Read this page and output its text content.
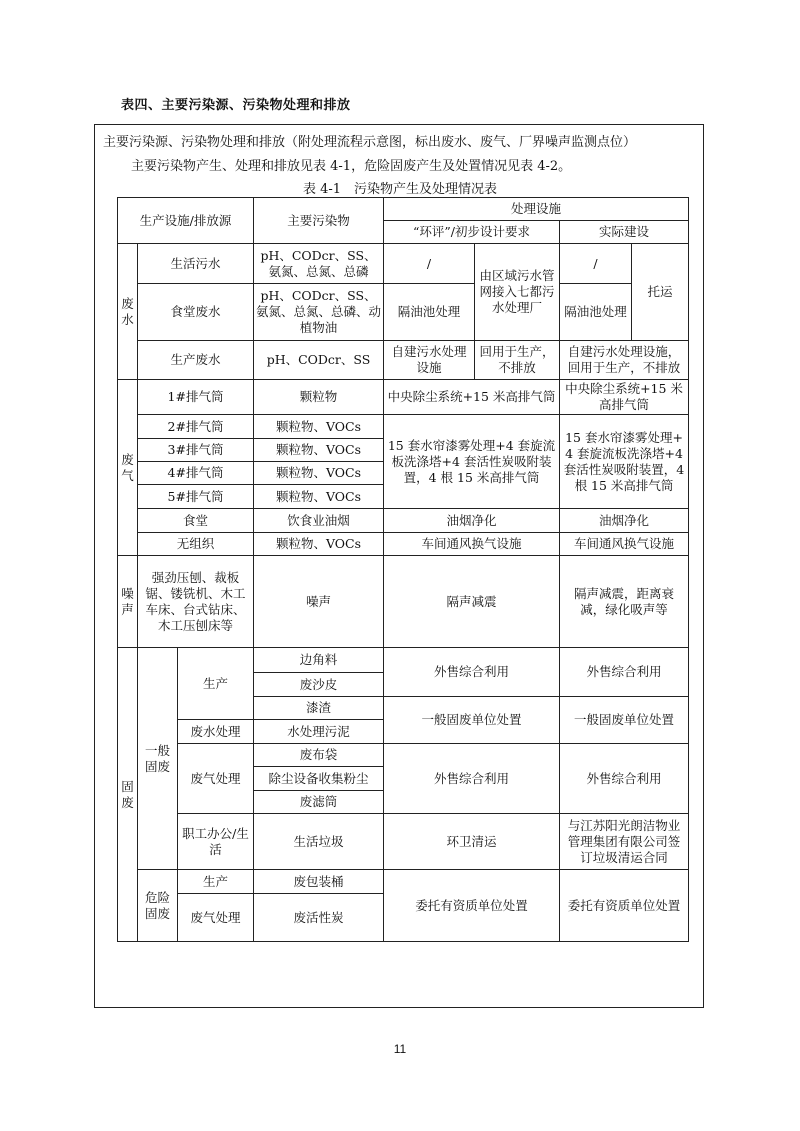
表四、主要污染源、污染物处理和排放
主要污染源、污染物处理和排放（附处理流程示意图，标出废水、废气、厂界噪声监测点位）
主要污染物产生、处理和排放见表 4-1，危险固废产生及处置情况见表 4-2。
表 4-1　污染物产生及处理情况表
生产设施/排放源			主要污染物	处理设施			
				“环评”/初步设计要求		实际建设	
废水	生活污水		pH、CODcr、SS、氨氮、总氮、总磷	/	由区域污水管网接入七都污水处理厂	/	托运
	食堂废水		pH、CODcr、SS、氨氮、总氮、总磷、动植物油	隔油池处理		隔油池处理	
	生产废水		pH、CODcr、SS	自建污水处理设施	回用于生产，不排放	自建污水处理设施，回用于生产，不排放	
废气	1#排气筒		颗粒物	中央除尘系统+15 米高排气筒		中央除尘系统+15 米高排气筒	
	2#排气筒		颗粒物、VOCs	15 套水帘漆雾处理+4 套旋流板洗涤塔+4 套活性炭吸附装置，4 根 15 米高排气筒		15 套水帘漆雾处理+4 套旋流板洗涤塔+4 套活性炭吸附装置，4 根 15 米高排气筒	
	3#排气筒		颗粒物、VOCs				
	4#排气筒		颗粒物、VOCs				
	5#排气筒		颗粒物、VOCs				
	食堂		饮食业油烟	油烟净化		油烟净化	
	无组织		颗粒物、VOCs	车间通风换气设施		车间通风换气设施	
噪声	强劲压刨、裁板锯、镂铣机、木工车床、台式钻床、木工压刨床等		噪声	隔声减震		隔声减震，距离衰减，绿化吸声等	
固废	一般固废	生产	边角料	外售综合利用		外售综合利用	
			废沙皮				
			漆渣	一般固废单位处置		一般固废单位处置	
		废水处理	水处理污泥				
		废气处理	废布袋	外售综合利用		外售综合利用	
			除尘设备收集粉尘				
			废滤筒				
		职工办公/生活	生活垃圾	环卫清运		与江苏阳光朗洁物业管理集团有限公司签订垃圾清运合同	
	危险固废	生产	废包装桶	委托有资质单位处置		委托有资质单位处置	
		废气处理	废活性炭				

11
